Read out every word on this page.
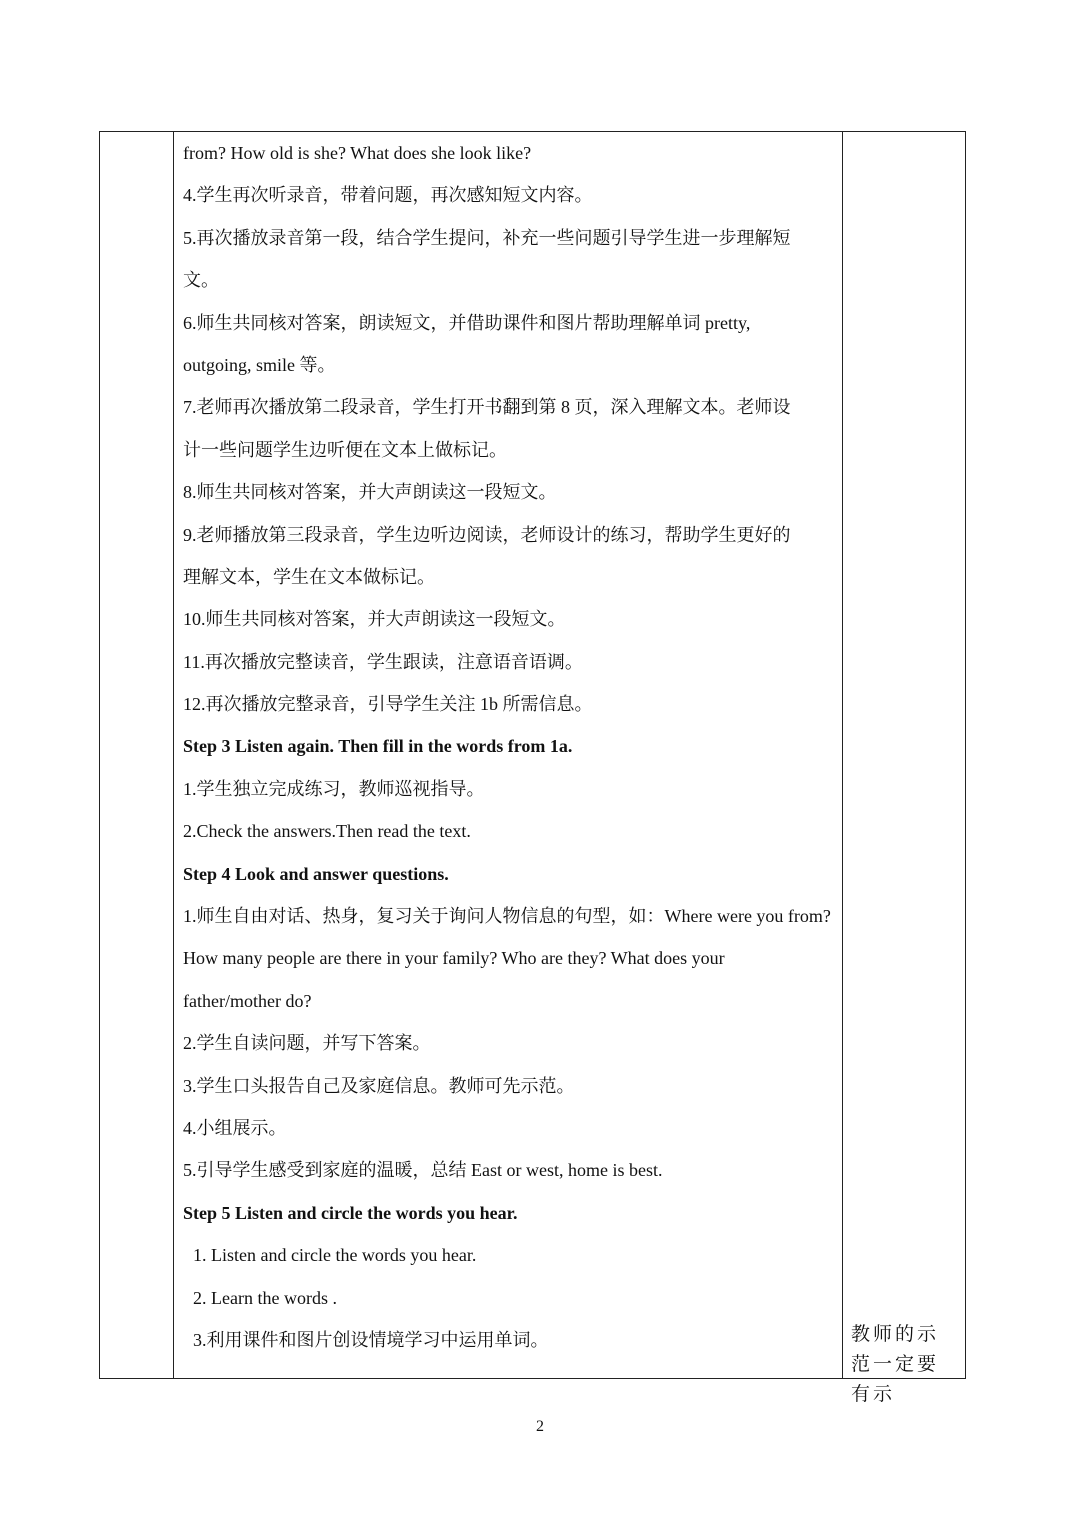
from? How old is she? What does she look like?
4.学生再次听录音，带着问题，再次感知短文内容。
5.再次播放录音第一段，结合学生提问，补充一些问题引导学生进一步理解短
文。
6.师生共同核对答案，朗读短文，并借助课件和图片帮助理解单词 pretty,
outgoing, smile 等。
7.老师再次播放第二段录音，学生打开书翻到第 8 页，深入理解文本。老师设
计一些问题学生边听便在文本上做标记。
8.师生共同核对答案，并大声朗读这一段短文。
9.老师播放第三段录音，学生边听边阅读，老师设计的练习，帮助学生更好的
理解文本，学生在文本做标记。
10.师生共同核对答案，并大声朗读这一段短文。
11.再次播放完整读音，学生跟读，注意语音语调。
12.再次播放完整录音，引导学生关注 1b 所需信息。
Step 3 Listen again. Then fill in the words from 1a.
1.学生独立完成练习，教师巡视指导。
2.Check the answers.Then read the text.
Step 4 Look and answer questions.
1.师生自由对话、热身，复习关于询问人物信息的句型，如：Where were you from?
How many people are there in your family? Who are they? What does your
father/mother do?
2.学生自读问题，并写下答案。
3.学生口头报告自己及家庭信息。教师可先示范。
4.小组展示。
5.引导学生感受到家庭的温暖，总结 East or west, home is best.
Step 5 Listen and circle the words you hear.
1. Listen and circle the words you hear.
2. Learn the words .
3.利用课件和图片创设情境学习中运用单词。	教师的示范一定要有示
2
